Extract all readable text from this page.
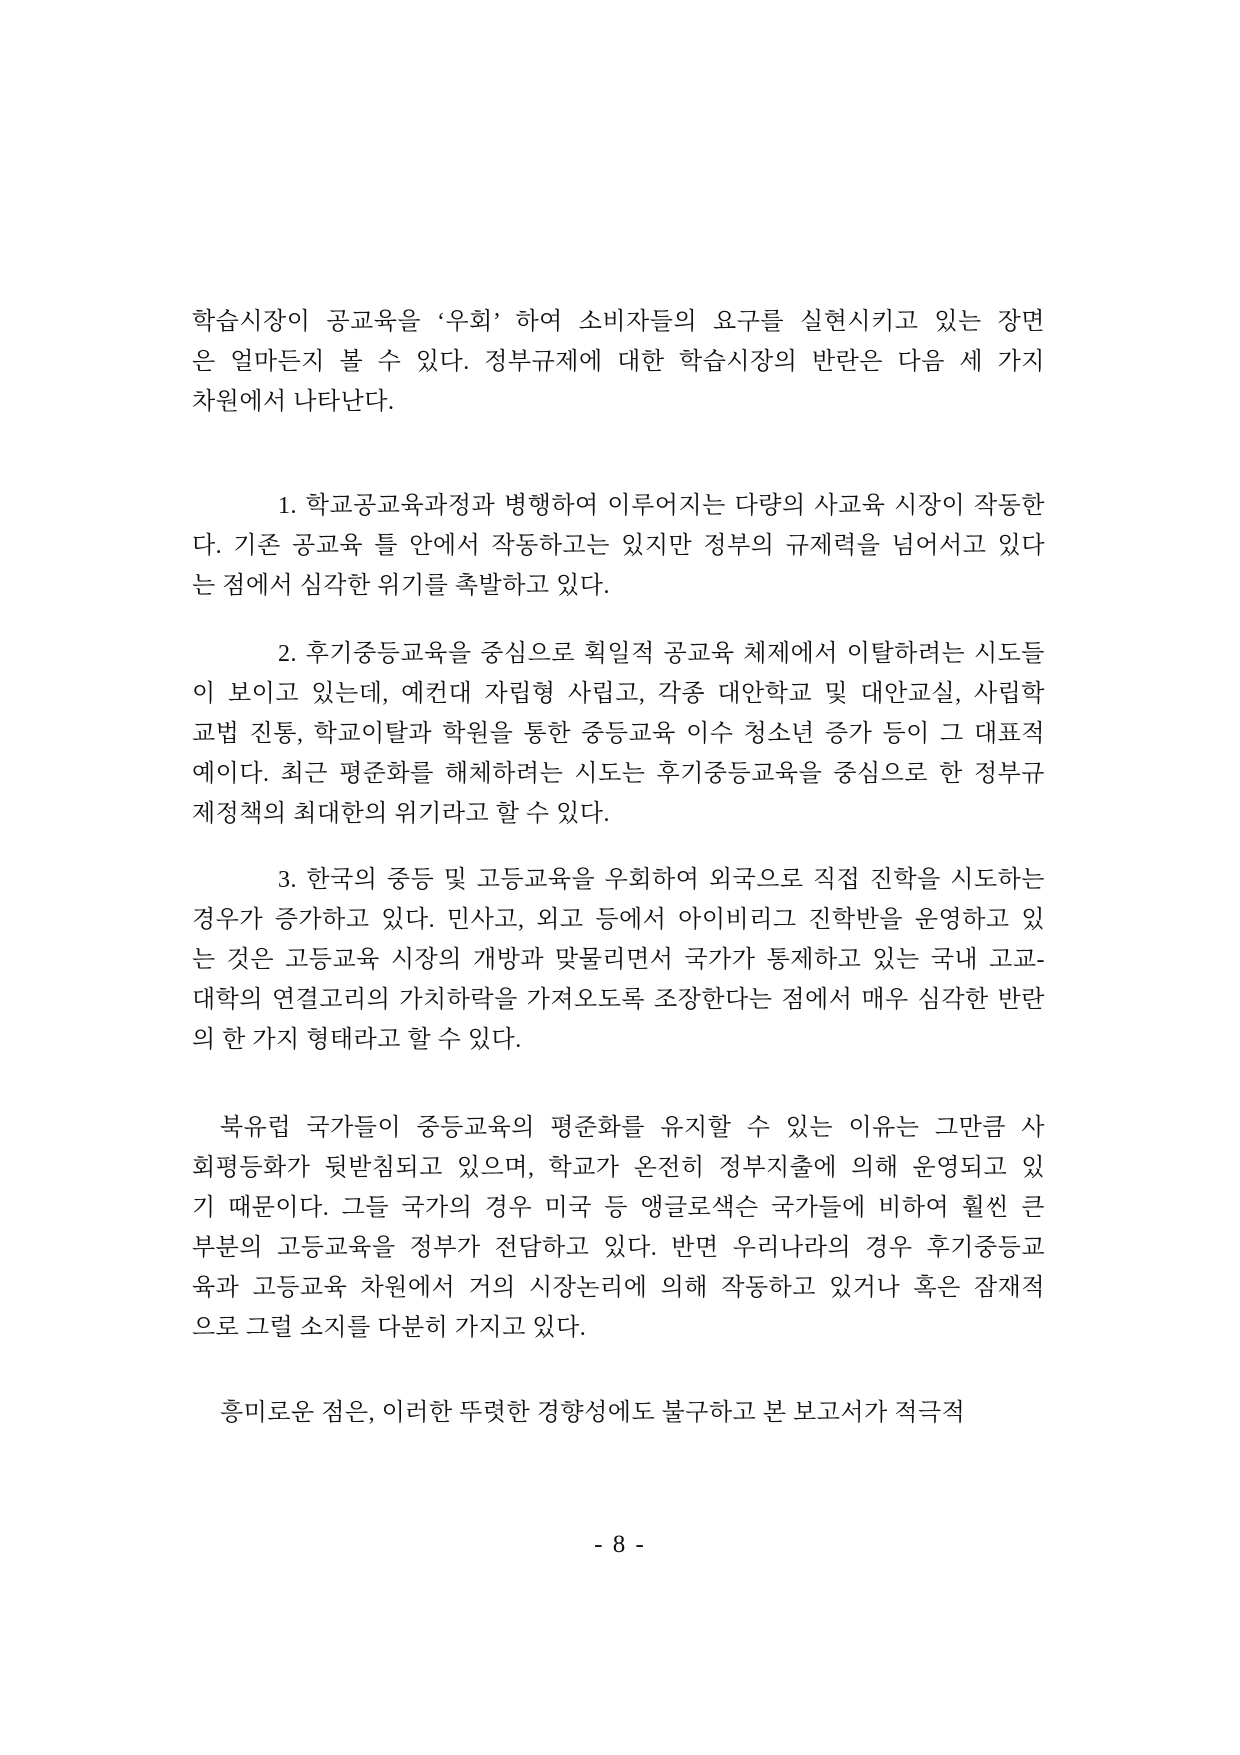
학습시장이 공교육을 ‘우회’ 하여 소비자들의 요구를 실현시키고 있는 장면
은 얼마든지 볼 수 있다. 정부규제에 대한 학습시장의 반란은 다음 세 가지
차원에서 나타난다.
1. 학교공교육과정과 병행하여 이루어지는 다량의 사교육 시장이 작동한
다. 기존 공교육 틀 안에서 작동하고는 있지만 정부의 규제력을 넘어서고 있다
는 점에서 심각한 위기를 촉발하고 있다.
2. 후기중등교육을 중심으로 획일적 공교육 체제에서 이탈하려는 시도들
이 보이고 있는데, 예컨대 자립형 사립고, 각종 대안학교 및 대안교실, 사립학
교법 진통, 학교이탈과 학원을 통한 중등교육 이수 청소년 증가 등이 그 대표적
예이다. 최근 평준화를 해체하려는 시도는 후기중등교육을 중심으로 한 정부규
제정책의 최대한의 위기라고 할 수 있다.
3. 한국의 중등 및 고등교육을 우회하여 외국으로 직접 진학을 시도하는
경우가 증가하고 있다. 민사고, 외고 등에서 아이비리그 진학반을 운영하고 있
는 것은 고등교육 시장의 개방과 맞물리면서 국가가 통제하고 있는 국내 고교-
대학의 연결고리의 가치하락을 가져오도록 조장한다는 점에서 매우 심각한 반란
의 한 가지 형태라고 할 수 있다.
북유럽 국가들이 중등교육의 평준화를 유지할 수 있는 이유는 그만큼 사
회평등화가 뒷받침되고 있으며, 학교가 온전히 정부지출에 의해 운영되고 있
기 때문이다. 그들 국가의 경우 미국 등 앵글로색슨 국가들에 비하여 훨씬 큰
부분의 고등교육을 정부가 전담하고 있다. 반면 우리나라의 경우 후기중등교
육과 고등교육 차원에서 거의 시장논리에 의해 작동하고 있거나 혹은 잠재적
으로 그럴 소지를 다분히 가지고 있다.
흥미로운 점은, 이러한 뚜렷한 경향성에도 불구하고 본 보고서가 적극적
- 8 -
